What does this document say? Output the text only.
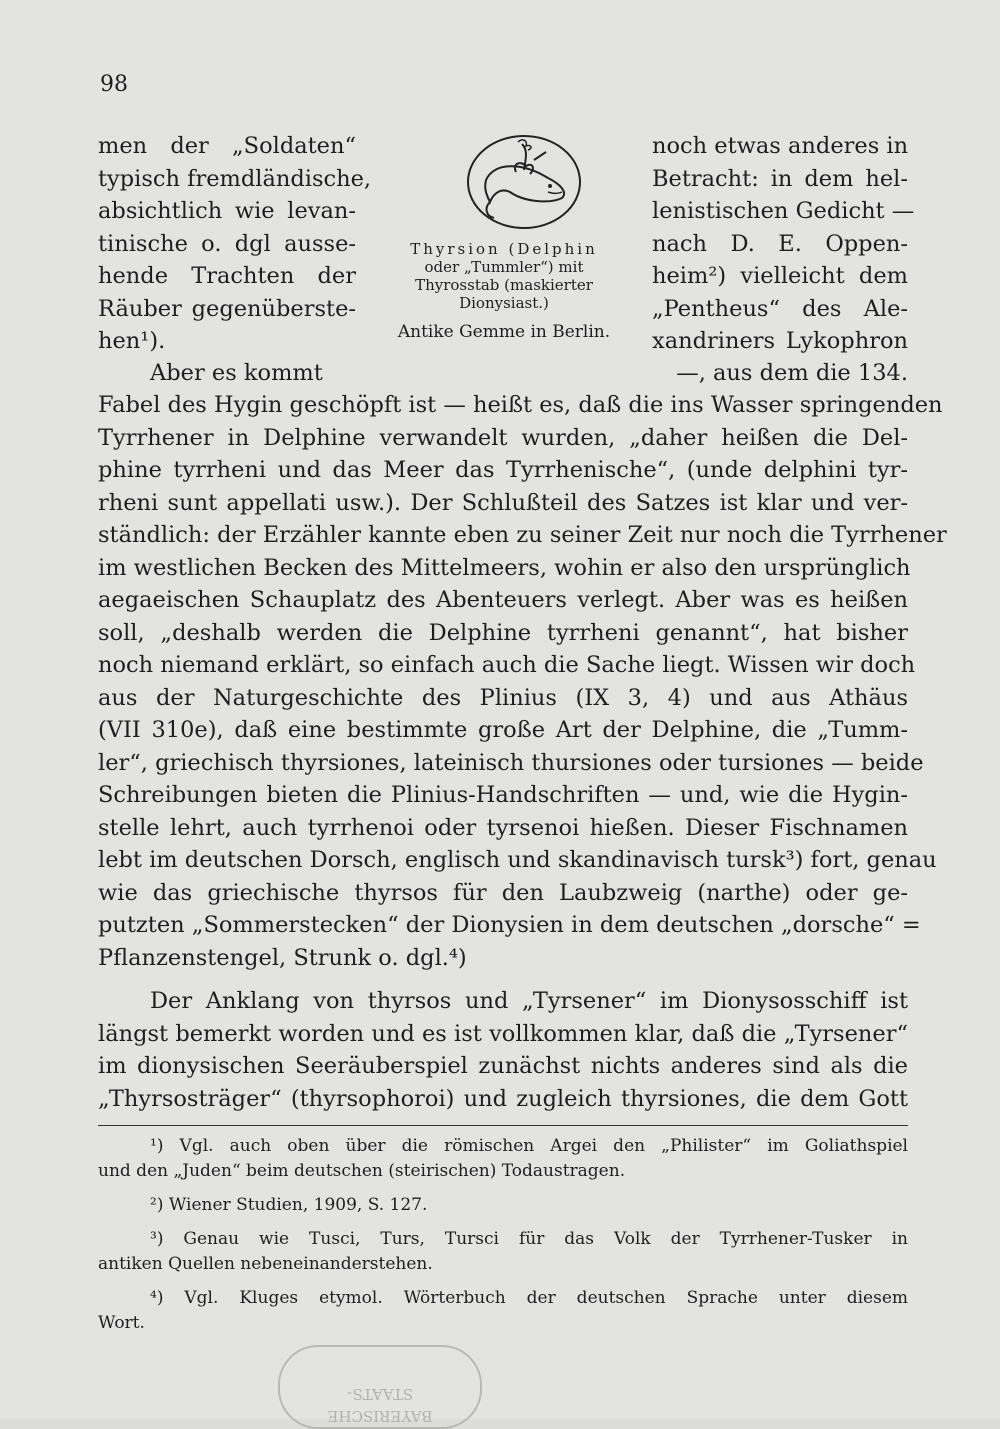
98
men der „Soldaten“
typisch fremdländische,
absichtlich wie levan-
tinische o. dgl ausse-
hende Trachten der
Räuber gegenüberste-
hen¹).
Thyrsion (Delphin
oder „Tummler“) mit
Thyrosstab (maskierter
Dionysiast.)
Antike Gemme in Berlin.
noch etwas anderes in
Betracht: in dem hel-
lenistischen Gedicht —
nach D. E. Oppen-
heim²) vielleicht dem
„Pentheus“ des Ale-
xandriners Lykophron
Aber es kommt	—, aus dem die 134.
Fabel des Hygin geschöpft ist — heißt es, daß die ins Wasser springenden
Tyrrhener in Delphine verwandelt wurden, „daher heißen die Del-
phine tyrrheni und das Meer das Tyrrhenische“, (unde delphini tyr-
rheni sunt appellati usw.). Der Schlußteil des Satzes ist klar und ver-
ständlich: der Erzähler kannte eben zu seiner Zeit nur noch die Tyrrhener
im westlichen Becken des Mittelmeers, wohin er also den ursprünglich
aegaeischen Schauplatz des Abenteuers verlegt. Aber was es heißen
soll, „deshalb werden die Delphine tyrrheni genannt“, hat bisher
noch niemand erklärt, so einfach auch die Sache liegt. Wissen wir doch
aus der Naturgeschichte des Plinius (IX 3, 4) und aus Athäus
(VII 310e), daß eine bestimmte große Art der Delphine, die „Tumm-
ler“, griechisch thyrsiones, lateinisch thursiones oder tursiones — beide
Schreibungen bieten die Plinius-Handschriften — und, wie die Hygin-
stelle lehrt, auch tyrrhenoi oder tyrsenoi hießen. Dieser Fischnamen
lebt im deutschen Dorsch, englisch und skandinavisch tursk³) fort, genau
wie das griechische thyrsos für den Laubzweig (narthe) oder ge-
putzten „Sommerstecken“ der Dionysien in dem deutschen „dorsche“ =
Pflanzenstengel, Strunk o. dgl.⁴)
Der Anklang von thyrsos und „Tyrsener“ im Dionysosschiff ist
längst bemerkt worden und es ist vollkommen klar, daß die „Tyrsener“
im dionysischen Seeräuberspiel zunächst nichts anderes sind als die
„Thyrsosträger“ (thyrsophoroi) und zugleich thyrsiones, die dem Gott
¹) Vgl. auch oben über die römischen Argei den „Philister“ im Goliathspiel
und den „Juden“ beim deutschen (steirischen) Todaustragen.
²) Wiener Studien, 1909, S. 127.
³) Genau wie Tusci, Turs, Tursci für das Volk der Tyrrhener-Tusker in
antiken Quellen nebeneinanderstehen.
⁴) Vgl. Kluges etymol. Wörterbuch der deutschen Sprache unter diesem
Wort.
BAYERISCHE
STAATS-
